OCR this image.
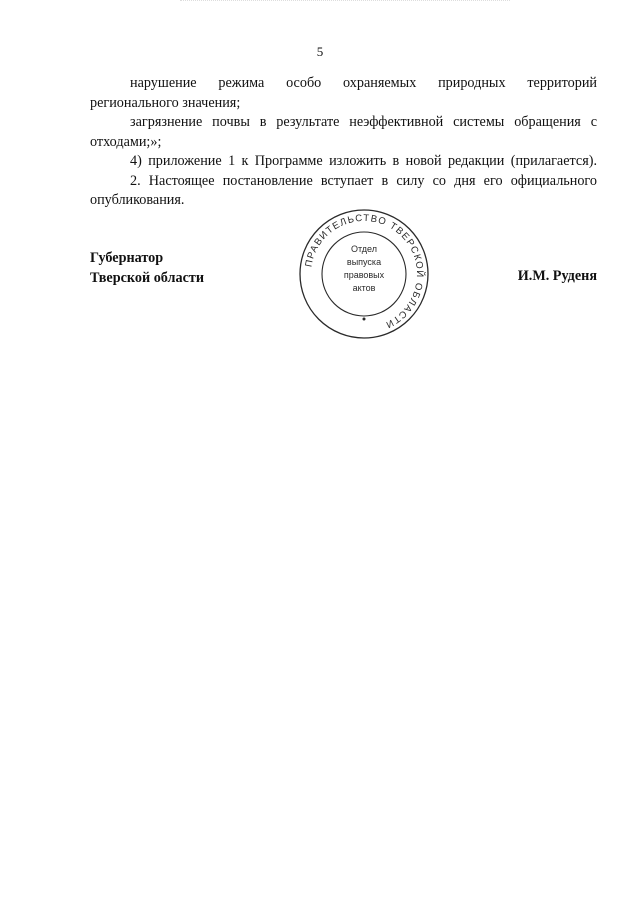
5

нарушение режима особо охраняемых природных территорий регионального значения;

загрязнение почвы в результате неэффективной системы обращения с отходами;»;

4) приложение 1 к Программе изложить в новой редакции (прилагается).

2. Настоящее постановление вступает в силу со дня его официального опубликования.

Губернатор
Тверской области	И.М. Руденя
ПРАВИТЕЛЬСТВО ТВЕРСКОЙ ОБЛАСТИ
Отдел
выпуска
правовых
актов
